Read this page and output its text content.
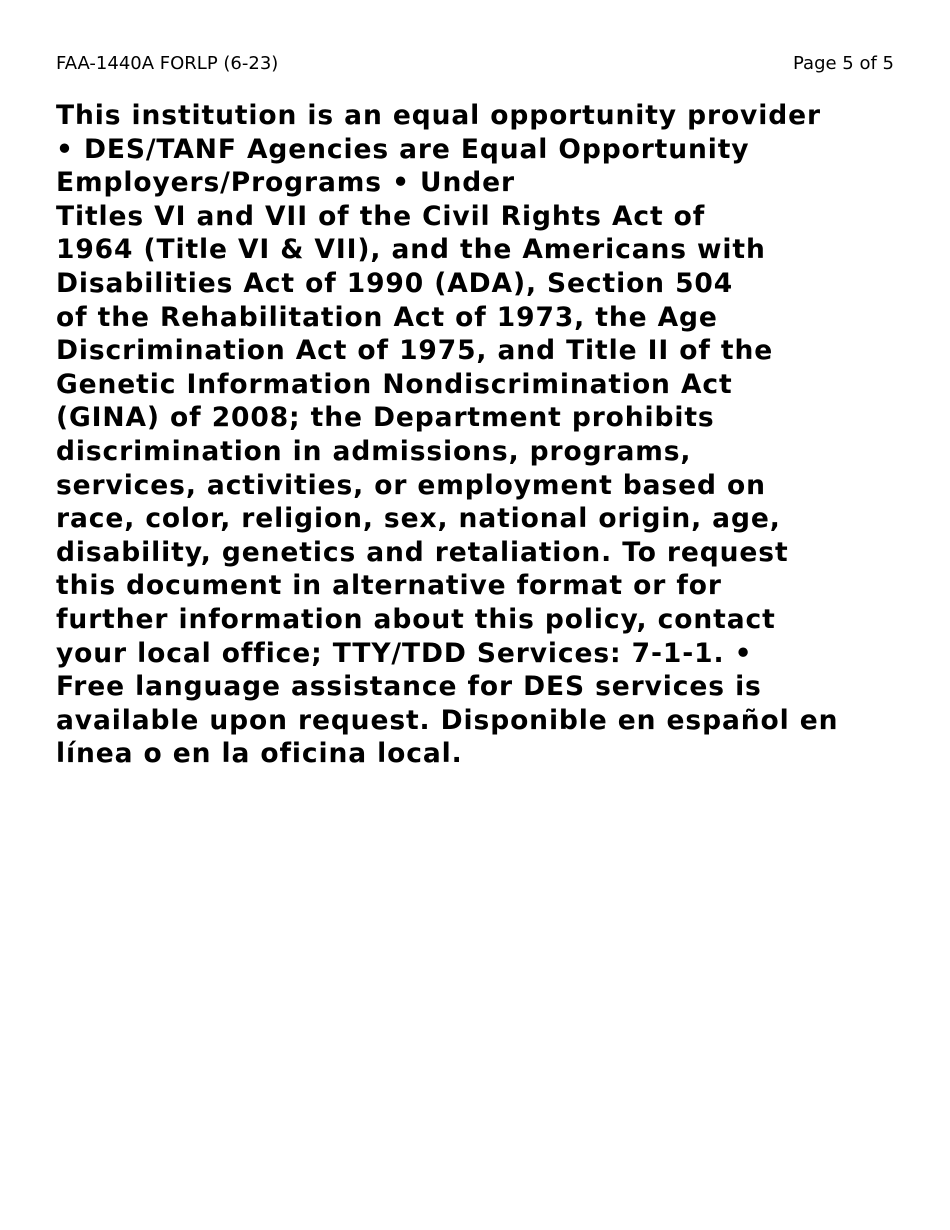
FAA-1440A FORLP (6-23)	Page 5 of 5
This institution is an equal opportunity provider
• DES/TANF Agencies are Equal Opportunity
Employers/Programs • Under
Titles VI and VII of the Civil Rights Act of
1964 (Title VI & VII), and the Americans with
Disabilities Act of 1990 (ADA), Section 504
of the Rehabilitation Act of 1973, the Age
Discrimination Act of 1975, and Title II of the
Genetic Information Nondiscrimination Act
(GINA) of 2008; the Department prohibits
discrimination in admissions, programs,
services, activities, or employment based on
race, color, religion, sex, national origin, age,
disability, genetics and retaliation. To request
this document in alternative format or for
further information about this policy, contact
your local office; TTY/TDD Services: 7-1-1. •
Free language assistance for DES services is
available upon request. Disponible en español en
línea o en la oficina local.
